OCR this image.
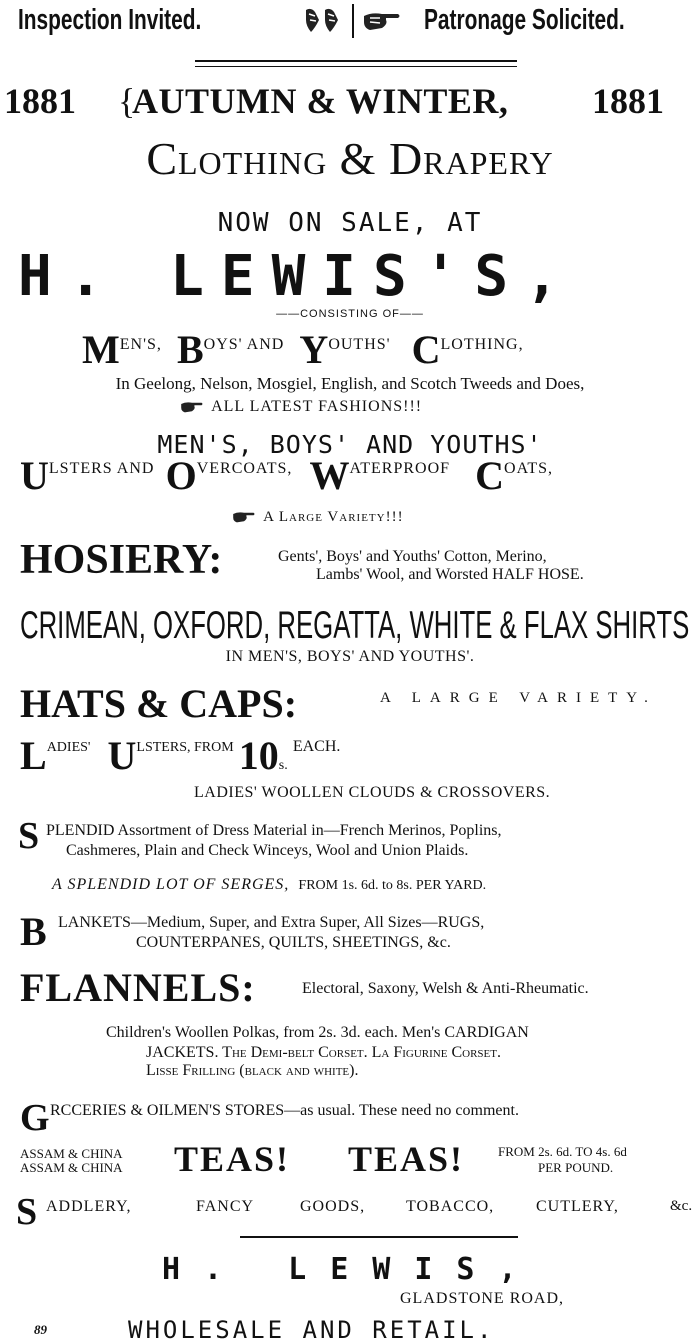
Inspection Invited.	Patronage Solicited.
1881 {
AUTUMN & WINTER, 1881
Clothing & Drapery
NOW ON SALE, AT
H. LEWIS'S,
——CONSISTING OF——
MEN'S, BOYS' AND YOUTHS' CLOTHING,
In Geelong, Nelson, Mosgiel, English, and Scotch Tweeds and Does,
ALL LATEST FASHIONS!!!
MEN'S, BOYS' AND YOUTHS'
ULSTERS AND OVERCOATS, WATERPROOF COATS,
A Large Variety!!!
HOSIERY:	Gents', Boys' and Youths' Cotton, Merino,
Lambs' Wool, and Worsted HALF HOSE.
CRIMEAN, OXFORD, REGATTA, WHITE & FLAX SHIRTS
IN MEN'S, BOYS' AND YOUTHS'.
HATS & CAPS:	A LARGE VARIETY.
LADIES' ULSTERS, FROM 10s. EACH.
LADIES' WOOLLEN CLOUDS & CROSSOVERS.
S PLENDID Assortment of Dress Material in—French Merinos, Poplins,
Cashmeres, Plain and Check Winceys, Wool and Union Plaids.
A SPLENDID LOT OF SERGES, FROM 1s. 6d. to 8s. PER YARD.
B LANKETS—Medium, Super, and Extra Super, All Sizes—RUGS,
COUNTERPANES, QUILTS, SHEETINGS, &c.
FLANNELS:	Electoral, Saxony, Welsh & Anti-Rheumatic.
Children's Woollen Polkas, from 2s. 3d. each. Men's CARDIGAN
JACKETS. The Demi-belt Corset. La Figurine Corset.
Lisse Frilling (black and white).
G RCCERIES & OILMEN'S STORES—as usual. These need no comment.
ASSAM & CHINA
ASSAM & CHINA TEAS! TEAS!	FROM 2s. 6d. TO 4s. 6d
PER POUND.
S ADDLERY,	FANCY	GOODS,	TOBACCO,	CUTLERY,	&c.
H. LEWIS,
GLADSTONE ROAD,
89	WHOLESALE AND RETAIL.
